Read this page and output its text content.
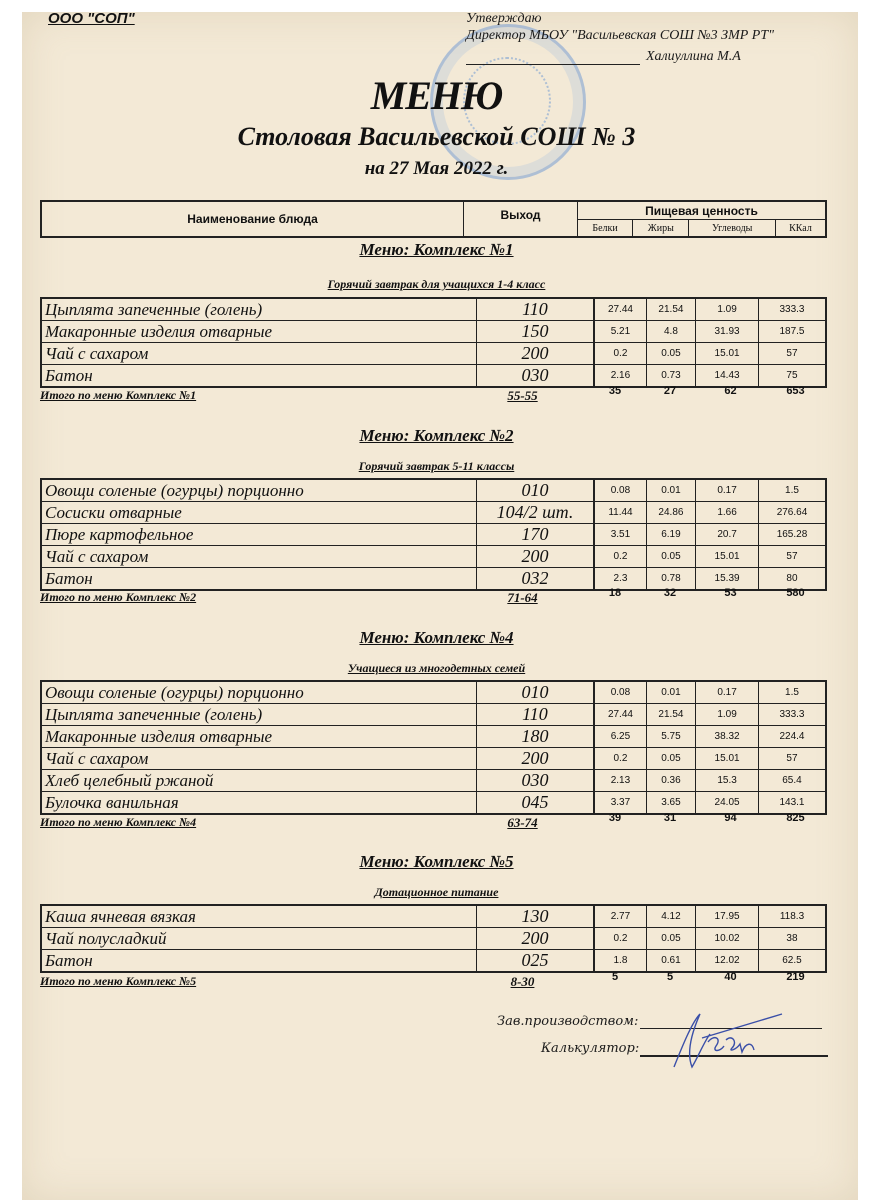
ООО "СОП"	Утверждаю
Директор МБОУ "Васильевская СОШ №3 ЗМР РТ"
Халиуллина М.А
МЕНЮ
Столовая Васильевской СОШ № 3
на 27 Мая 2022 г.
Наименование блюда	Выход	Пищевая ценность			
		Белки	Жиры	Углеводы	ККал
Меню: Комплекс №1
Горячий завтрак для учащихся 1-4 класс
Цыплята запеченные (голень)	110	27.44	21.54	1.09	333.3
Макаронные изделия отварные	150	5.21	4.8	31.93	187.5
Чай с сахаром	200	0.2	0.05	15.01	57
Батон	030	2.16	0.73	14.43	75
Итого по меню Комплекс №1	55-55	35	27	62	653
Меню: Комплекс №2
Горячий завтрак 5-11 классы
Овощи соленые (огурцы) порционно	010	0.08	0.01	0.17	1.5
Сосиски отварные	104/2 шт.	11.44	24.86	1.66	276.64
Пюре картофельное	170	3.51	6.19	20.7	165.28
Чай с сахаром	200	0.2	0.05	15.01	57
Батон	032	2.3	0.78	15.39	80
Итого по меню Комплекс №2	71-64	18	32	53	580
Меню: Комплекс №4
Учащиеся из многодетных семей
Овощи соленые (огурцы) порционно	010	0.08	0.01	0.17	1.5
Цыплята запеченные (голень)	110	27.44	21.54	1.09	333.3
Макаронные изделия отварные	180	6.25	5.75	38.32	224.4
Чай с сахаром	200	0.2	0.05	15.01	57
Хлеб целебный ржаной	030	2.13	0.36	15.3	65.4
Булочка ванильная	045	3.37	3.65	24.05	143.1
Итого по меню Комплекс №4	63-74	39	31	94	825
Меню: Комплекс №5
Дотационное питание
Каша ячневая вязкая	130	2.77	4.12	17.95	118.3
Чай полусладкий	200	0.2	0.05	10.02	38
Батон	025	1.8	0.61	12.02	62.5
Итого по меню Комплекс №5	8-30	5	5	40	219
Зав.производством:
Калькулятор:
